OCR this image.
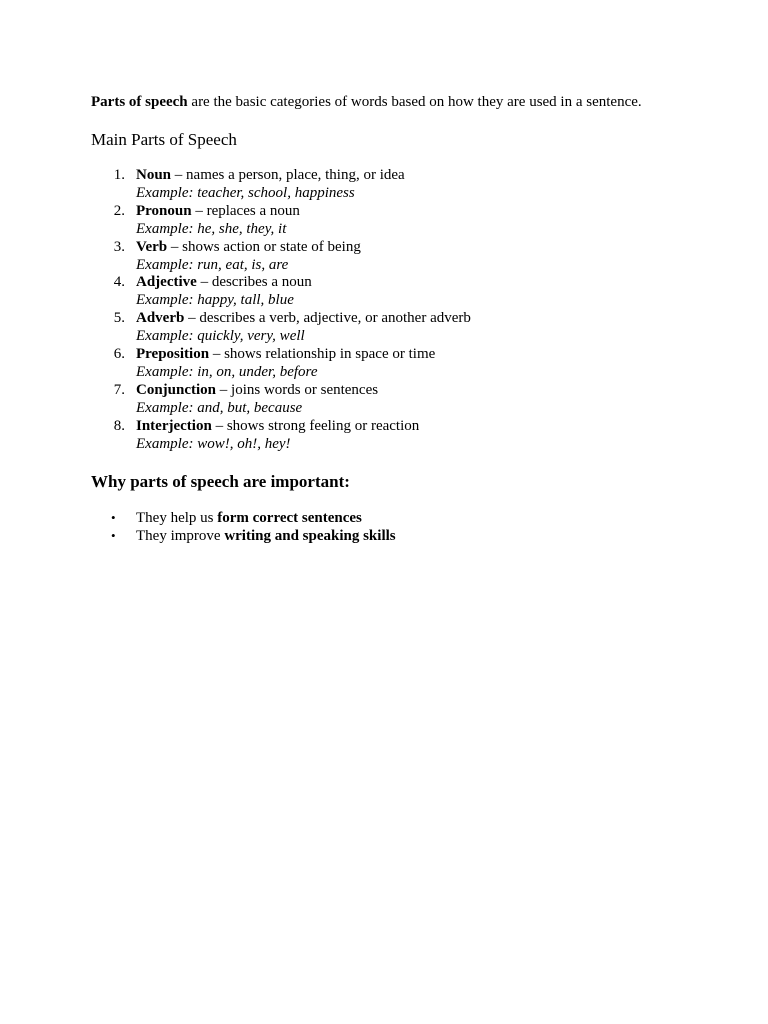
Parts of speech are the basic categories of words based on how they are used in a sentence.

Main Parts of Speech
1. Noun – names a person, place, thing, or idea
Example: teacher, school, happiness
2. Pronoun – replaces a noun
Example: he, she, they, it
3. Verb – shows action or state of being
Example: run, eat, is, are
4. Adjective – describes a noun
Example: happy, tall, blue
5. Adverb – describes a verb, adjective, or another adverb
Example: quickly, very, well
6. Preposition – shows relationship in space or time
Example: in, on, under, before
7. Conjunction – joins words or sentences
Example: and, but, because
8. Interjection – shows strong feeling or reaction
Example: wow!, oh!, hey!
Why parts of speech are important:
• They help us form correct sentences
• They improve writing and speaking skills
